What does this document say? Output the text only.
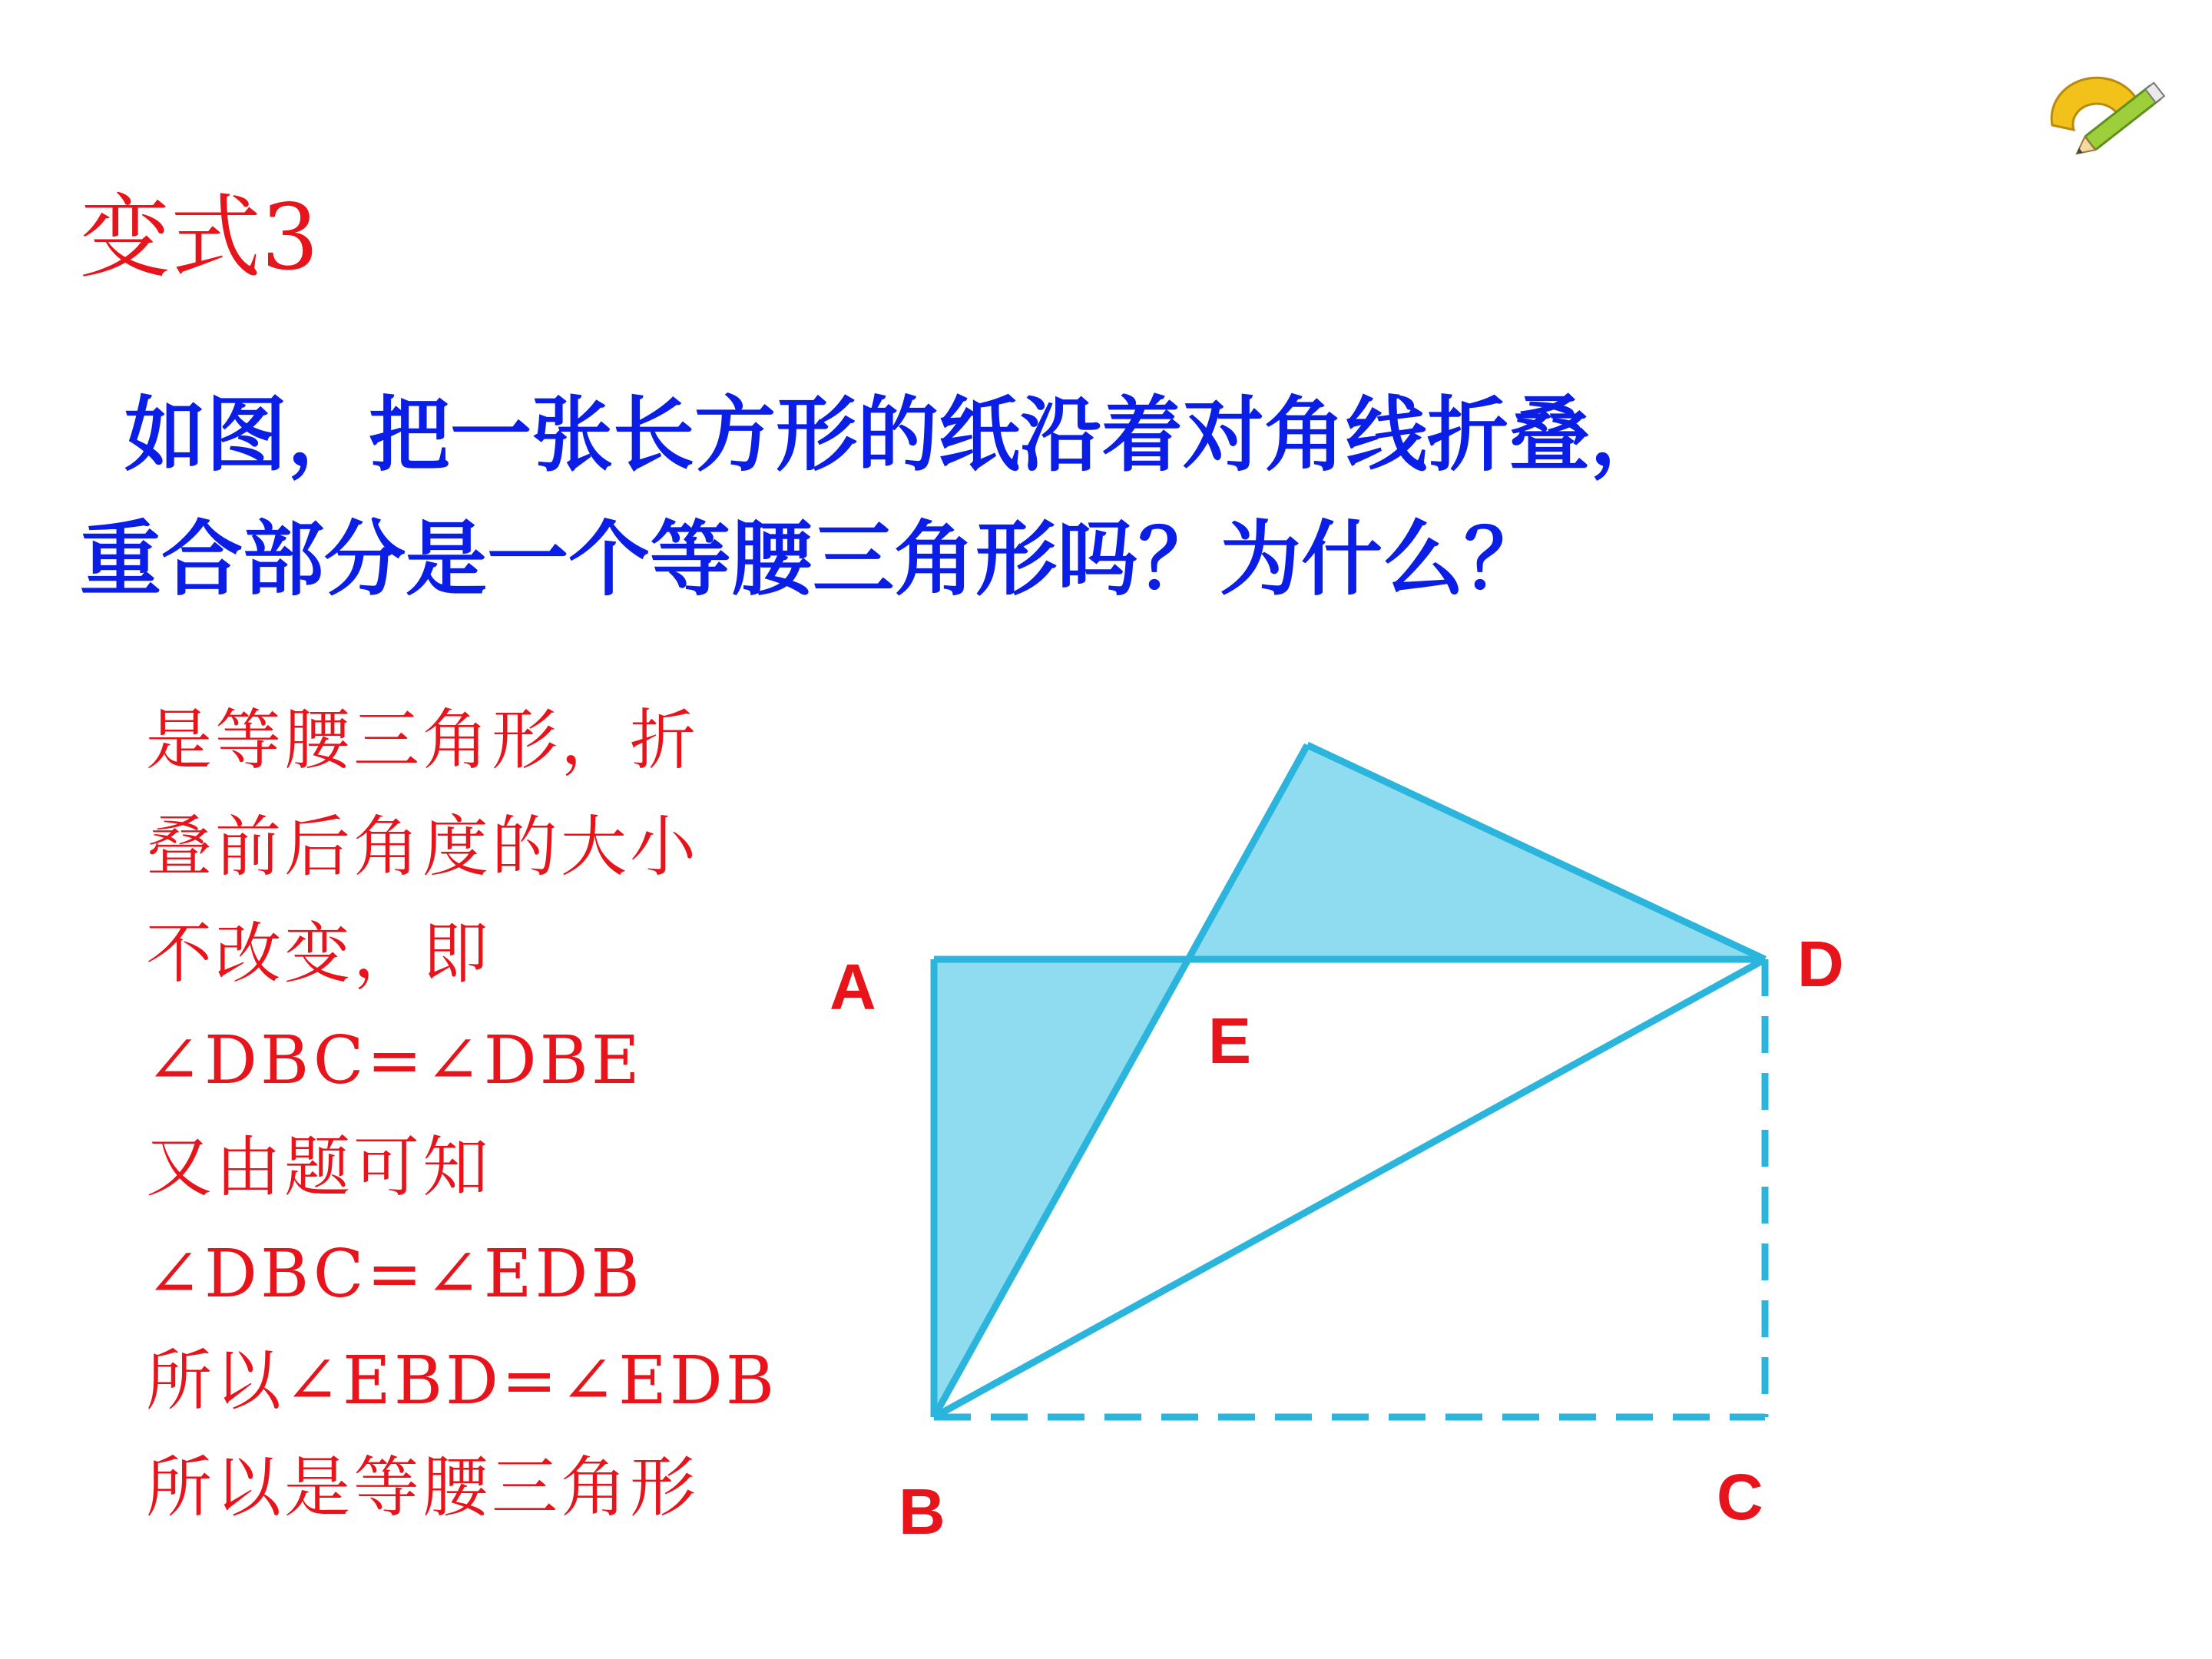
变式3
如图，把一张长方形的纸沿着对角线折叠，
重合部分是一个等腰三角形吗？为什么？
是等腰三角形，折
叠前后角度的大小
不改变，即
∠DBC=∠DBE
又由题可知
∠DBC=∠EDB
所以∠EBD=∠EDB
所以是等腰三角形
A
B	C
D
E
